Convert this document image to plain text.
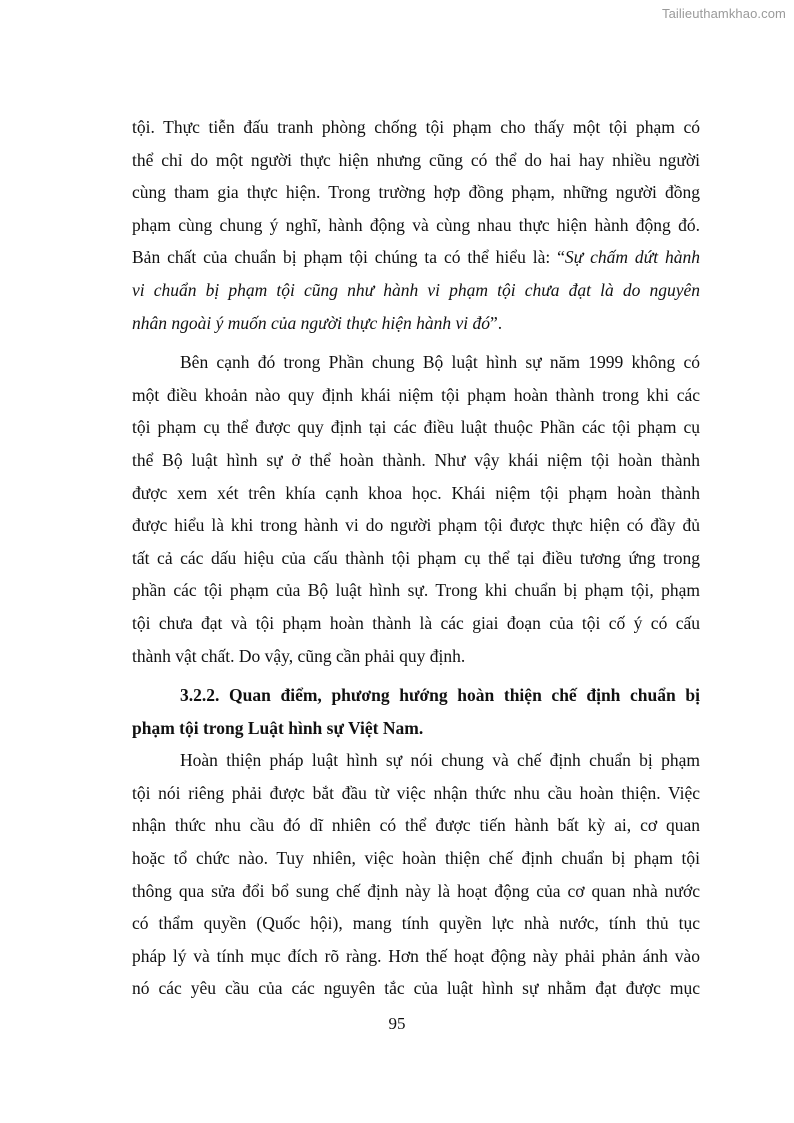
Tailieuthamkhao.com
tội. Thực tiễn đấu tranh phòng chống tội phạm cho thấy một tội phạm có
thể chỉ do một người thực hiện nhưng cũng có thể do hai hay nhiều người
cùng tham gia thực hiện. Trong trường hợp đồng phạm, những người đồng
phạm cùng chung ý nghĩ, hành động và cùng nhau thực hiện hành động đó.
Bản chất của chuẩn bị phạm tội chúng ta có thể hiểu là: “Sự chấm dứt hành
vi chuẩn bị phạm tội cũng như hành vi phạm tội chưa đạt là do nguyên
nhân ngoài ý muốn của người thực hiện hành vi đó”.
Bên cạnh đó trong Phần chung Bộ luật hình sự năm 1999 không có
một điều khoản nào quy định khái niệm tội phạm hoàn thành trong khi các
tội phạm cụ thể được quy định tại các điều luật thuộc Phần các tội phạm cụ
thể Bộ luật hình sự ở thể hoàn thành. Như vậy khái niệm tội hoàn thành
được xem xét trên khía cạnh khoa học. Khái niệm tội phạm hoàn thành
được hiểu là khi trong hành vi do người phạm tội được thực hiện có đầy đủ
tất cả các dấu hiệu của cấu thành tội phạm cụ thể tại điều tương ứng trong
phần các tội phạm của Bộ luật hình sự. Trong khi chuẩn bị phạm tội, phạm
tội chưa đạt và tội phạm hoàn thành là các giai đoạn của tội cố ý có cấu
thành vật chất. Do vậy, cũng cần phải quy định.
3.2.2. Quan điểm, phương hướng hoàn thiện chế định chuẩn bị
phạm tội trong Luật hình sự Việt Nam.
Hoàn thiện pháp luật hình sự nói chung và chế định chuẩn bị phạm
tội nói riêng phải được bắt đầu từ việc nhận thức nhu cầu hoàn thiện. Việc
nhận thức nhu cầu đó dĩ nhiên có thể được tiến hành bất kỳ ai, cơ quan
hoặc tổ chức nào. Tuy nhiên, việc hoàn thiện chế định chuẩn bị phạm tội
thông qua sửa đổi bổ sung chế định này là hoạt động của cơ quan nhà nước
có thẩm quyền (Quốc hội), mang tính quyền lực nhà nước, tính thủ tục
pháp lý và tính mục đích rõ ràng. Hơn thế hoạt động này phải phản ánh vào
nó các yêu cầu của các nguyên tắc của luật hình sự nhằm đạt được mục
95
